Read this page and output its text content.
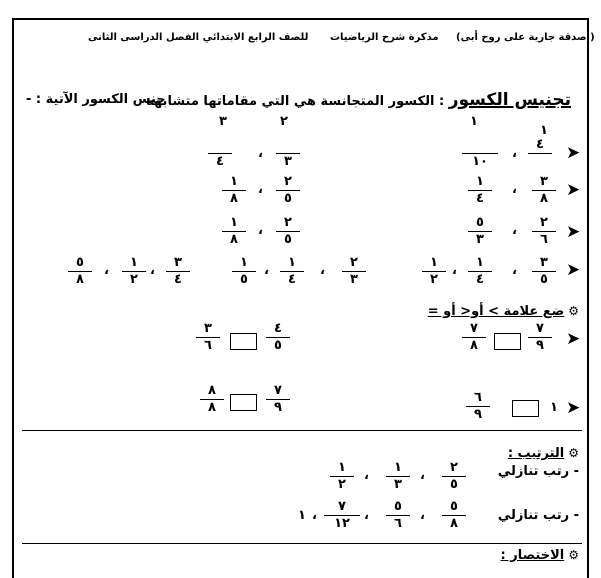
للصف الرابع الابتدائي الفصل الدراسى الثانى مذكرة شرح الرياضيات ( صدقة جارية على روح أبى)
تجنيس الكسور : الكسور المتجانسة هي التي مقاماتها متشابهه
جنس الكسور الآتية : -
١
➤
٤
،
١٠
١
➤
٣
٨
،
١
٤
➤
٢
٦
،
٥
٣
➤
٣
٥
،
١
٤
،
١
٢
٢
٣
٣
،
٤
٢
٥
،
١
٨
٢
٥
،
١
٨
٢
٣
،
١
٤
،
١
٥
٣
٤
،
١
٢
،
٥
٨
⚙ضع علامة > أو< أو =
➤
٧
٩
٧
٨
٤
٥
٣
٦
➤
١
٦
٩
٧
٩
٨
٨
⚙الترتيب :
- رتب تنازلي
٢
٥
،
١
٣
،
١
٢
- رتب تنازلي
٥
٨
،
٥
٦
،
٧
١٢
،
١
⚙الاختصار :
